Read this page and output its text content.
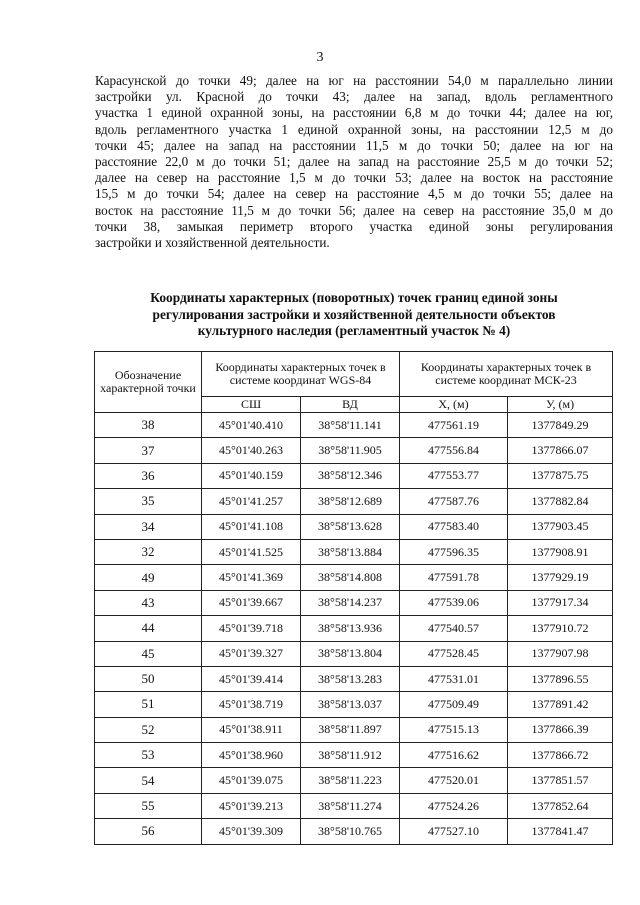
3
Карасунской до точки 49; далее на юг на расстоянии 54,0 м параллельно линии
застройки ул. Красной до точки 43; далее на запад, вдоль регламентного
участка 1 единой охранной зоны, на расстоянии 6,8 м до точки 44; далее на юг,
вдоль регламентного участка 1 единой охранной зоны, на расстоянии 12,5 м до
точки 45; далее на запад на расстоянии 11,5 м до точки 50; далее на юг на
расстояние 22,0 м до точки 51; далее на запад на расстояние 25,5 м до точки 52;
далее на север на расстояние 1,5 м до точки 53; далее на восток на расстояние
15,5 м до точки 54; далее на север на расстояние 4,5 м до точки 55; далее на
восток на расстояние 11,5 м до точки 56; далее на север на расстояние 35,0 м до
точки 38, замыкая периметр второго участка единой зоны регулирования
застройки и хозяйственной деятельности.
Координаты характерных (поворотных) точек границ единой зоны
регулирования застройки и хозяйственной деятельности объектов
культурного наследия (регламентный участок № 4)
Обозначение характерной точки	Координаты характерных точек в системе координат WGS-84		Координаты характерных точек в системе координат МСК-23	
	СШ	ВД	X, (м)	У, (м)
38	45°01'40.410	38°58'11.141	477561.19	1377849.29
37	45°01'40.263	38°58'11.905	477556.84	1377866.07
36	45°01'40.159	38°58'12.346	477553.77	1377875.75
35	45°01'41.257	38°58'12.689	477587.76	1377882.84
34	45°01'41.108	38°58'13.628	477583.40	1377903.45
32	45°01'41.525	38°58'13.884	477596.35	1377908.91
49	45°01'41.369	38°58'14.808	477591.78	1377929.19
43	45°01'39.667	38°58'14.237	477539.06	1377917.34
44	45°01'39.718	38°58'13.936	477540.57	1377910.72
45	45°01'39.327	38°58'13.804	477528.45	1377907.98
50	45°01'39.414	38°58'13.283	477531.01	1377896.55
51	45°01'38.719	38°58'13.037	477509.49	1377891.42
52	45°01'38.911	38°58'11.897	477515.13	1377866.39
53	45°01'38.960	38°58'11.912	477516.62	1377866.72
54	45°01'39.075	38°58'11.223	477520.01	1377851.57
55	45°01'39.213	38°58'11.274	477524.26	1377852.64
56	45°01'39.309	38°58'10.765	477527.10	1377841.47
